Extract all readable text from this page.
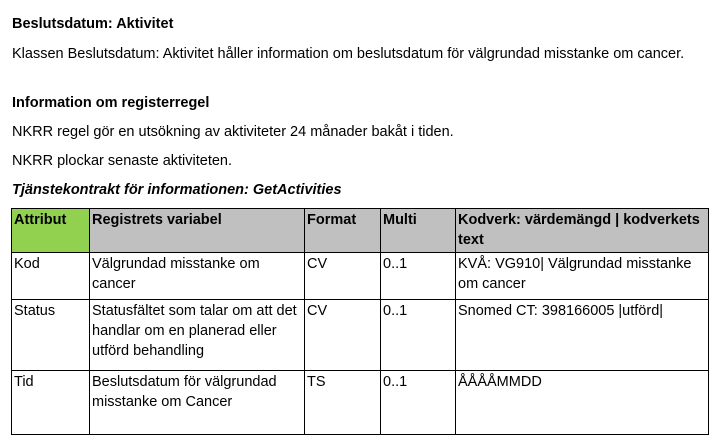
Beslutsdatum: Aktivitet

Klassen Beslutsdatum: Aktivitet håller information om beslutsdatum för välgrundad misstanke om cancer.

Information om registerregel

NKRR regel gör en utsökning av aktiviteter 24 månader bakåt i tiden.

NKRR plockar senaste aktiviteten.

Tjänstekontrakt för informationen: GetActivities

Attribut	Registrets variabel	Format	Multi	Kodverk: värdemängd | kodverkets text
Kod	Välgrundad misstanke om cancer	CV	0..1	KVÅ: VG910| Välgrundad misstanke om cancer
Status	Statusfältet som talar om att det handlar om en planerad eller utförd behandling	CV	0..1	Snomed CT: 398166005 |utförd|
Tid	Beslutsdatum för välgrundad misstanke om Cancer	TS	0..1	ÅÅÅÅMMDD
